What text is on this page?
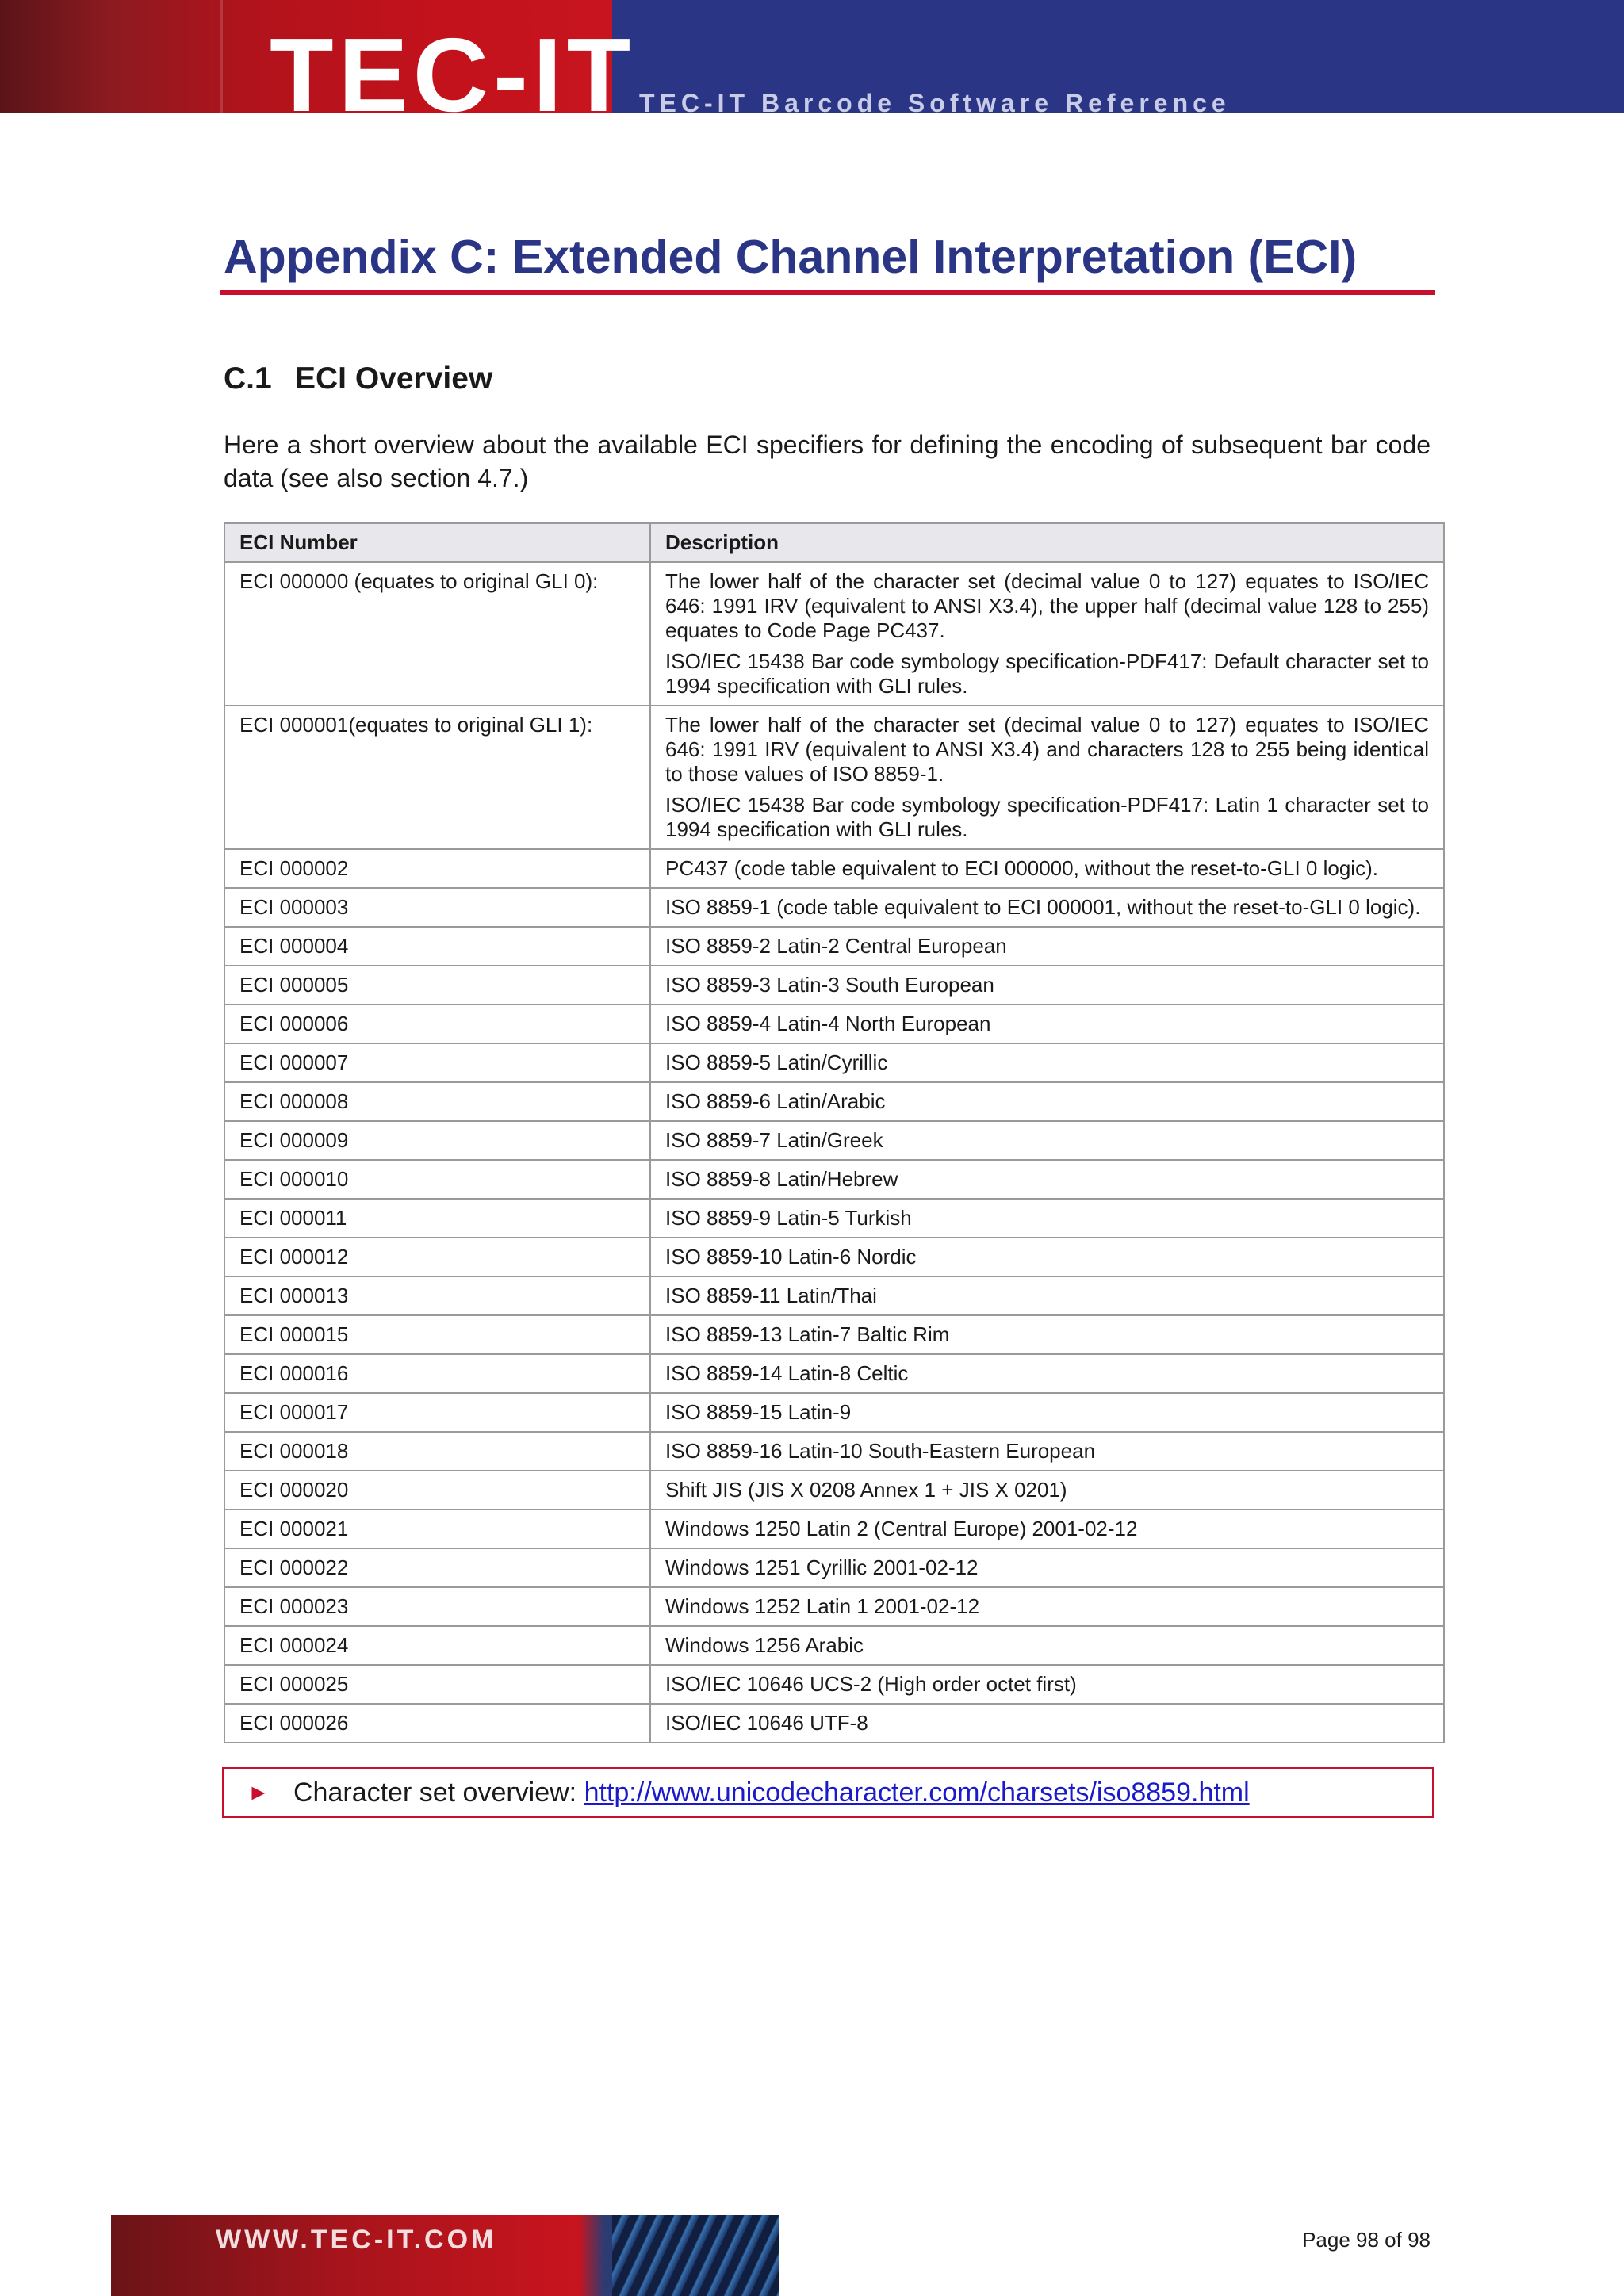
TEC-IT TEC-IT Barcode Software Reference
Appendix C: Extended Channel Interpretation (ECI)
C.1 ECI Overview
Here a short overview about the available ECI specifiers for defining the encoding of subsequent bar code data (see also section 4.7.)
ECI Number	Description
ECI 000000 (equates to original GLI 0):	The lower half of the character set (decimal value 0 to 127) equates to ISO/IEC 646: 1991 IRV (equivalent to ANSI X3.4), the upper half (decimal value 128 to 255) equates to Code Page PC437.

ISO/IEC 15438 Bar code symbology specification-PDF417: Default character set to 1994 specification with GLI rules.

ECI 000001(equates to original GLI 1):	The lower half of the character set (decimal value 0 to 127) equates to ISO/IEC 646: 1991 IRV (equivalent to ANSI X3.4) and characters 128 to 255 being identical to those values of ISO 8859-1.

ISO/IEC 15438 Bar code symbology specification-PDF417: Latin 1 character set to 1994 specification with GLI rules.

ECI 000002	PC437 (code table equivalent to ECI 000000, without the reset-to-GLI 0 logic).

ECI 000003	ISO 8859-1 (code table equivalent to ECI 000001, without the reset-to-GLI 0 logic).

ECI 000004	ISO 8859-2 Latin-2 Central European

ECI 000005	ISO 8859-3 Latin-3 South European

ECI 000006	ISO 8859-4 Latin-4 North European

ECI 000007	ISO 8859-5 Latin/Cyrillic

ECI 000008	ISO 8859-6 Latin/Arabic

ECI 000009	ISO 8859-7 Latin/Greek

ECI 000010	ISO 8859-8 Latin/Hebrew

ECI 000011	ISO 8859-9 Latin-5 Turkish

ECI 000012	ISO 8859-10 Latin-6 Nordic

ECI 000013	ISO 8859-11 Latin/Thai

ECI 000015	ISO 8859-13 Latin-7 Baltic Rim

ECI 000016	ISO 8859-14 Latin-8 Celtic

ECI 000017	ISO 8859-15 Latin-9

ECI 000018	ISO 8859-16 Latin-10 South-Eastern European

ECI 000020	Shift JIS (JIS X 0208 Annex 1 + JIS X 0201)

ECI 000021	Windows 1250 Latin 2 (Central Europe) 2001-02-12

ECI 000022	Windows 1251 Cyrillic 2001-02-12

ECI 000023	Windows 1252 Latin 1 2001-02-12

ECI 000024	Windows 1256 Arabic

ECI 000025	ISO/IEC 10646 UCS-2 (High order octet first)

ECI 000026	ISO/IEC 10646 UTF-8

► Character set overview: http://www.unicodecharacter.com/charsets/iso8859.html
WWW.TEC-IT.COM	Page 98 of 98
